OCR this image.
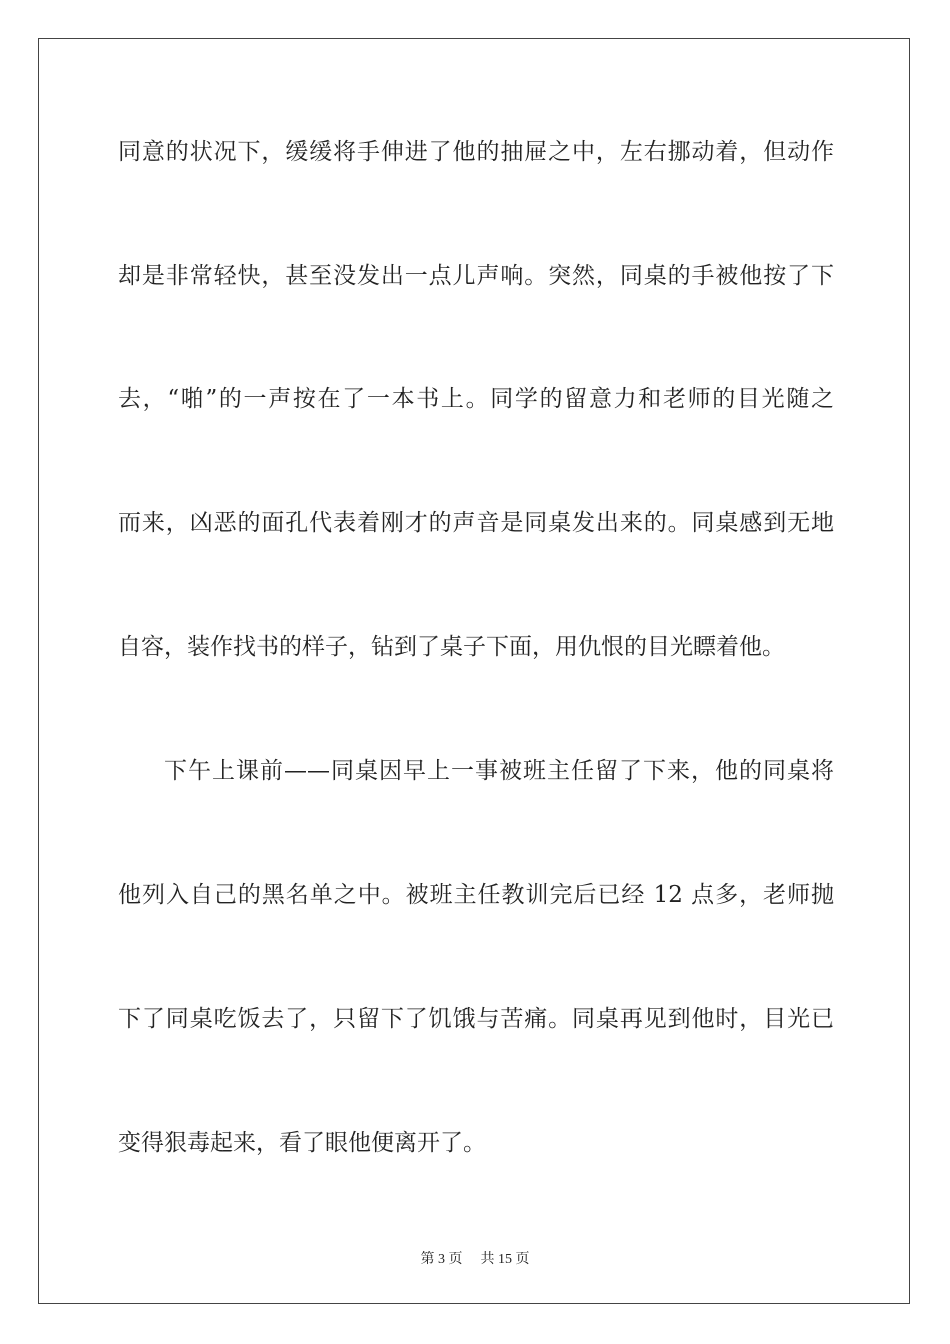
同意的状况下，缓缓将手伸进了他的抽屉之中，左右挪动着，但动作
却是非常轻快，甚至没发出一点儿声响。突然，同桌的手被他按了下
去，“啪”的一声按在了一本书上。同学的留意力和老师的目光随之
而来，凶恶的面孔代表着刚才的声音是同桌发出来的。同桌感到无地
自容，装作找书的样子，钻到了桌子下面，用仇恨的目光瞟着他。
下午上课前——同桌因早上一事被班主任留了下来，他的同桌将
他列入自己的黑名单之中。被班主任教训完后已经 12 点多，老师抛
下了同桌吃饭去了，只留下了饥饿与苦痛。同桌再见到他时，目光已
变得狠毒起来，看了眼他便离开了。
第 3 页 共 15 页
